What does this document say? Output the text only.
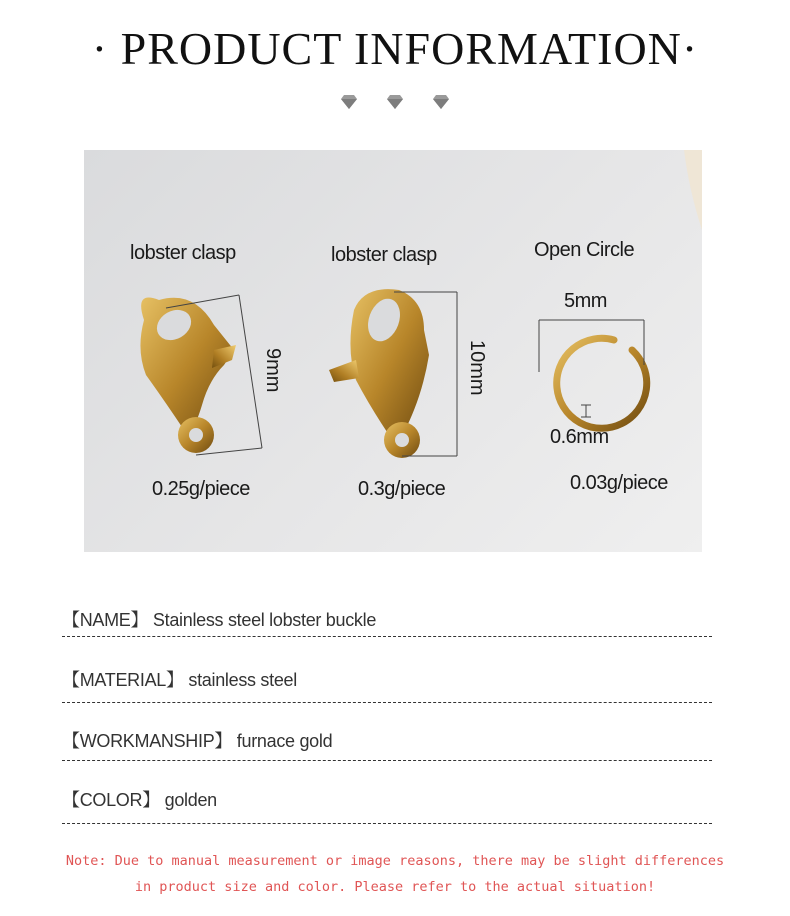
· PRODUCT INFORMATION·
lobster clasp	lobster clasp	Open Circle
9mm	10mm
5mm
0.6mm
0.25g/piece	0.3g/piece	0.03g/piece
【NAME】 Stainless steel lobster buckle
【MATERIAL】 stainless steel
【WORKMANSHIP】 furnace gold
【COLOR】 golden
Note: Due to manual measurement or image reasons, there may be slight differences
in product size and color. Please refer to the actual situation!
